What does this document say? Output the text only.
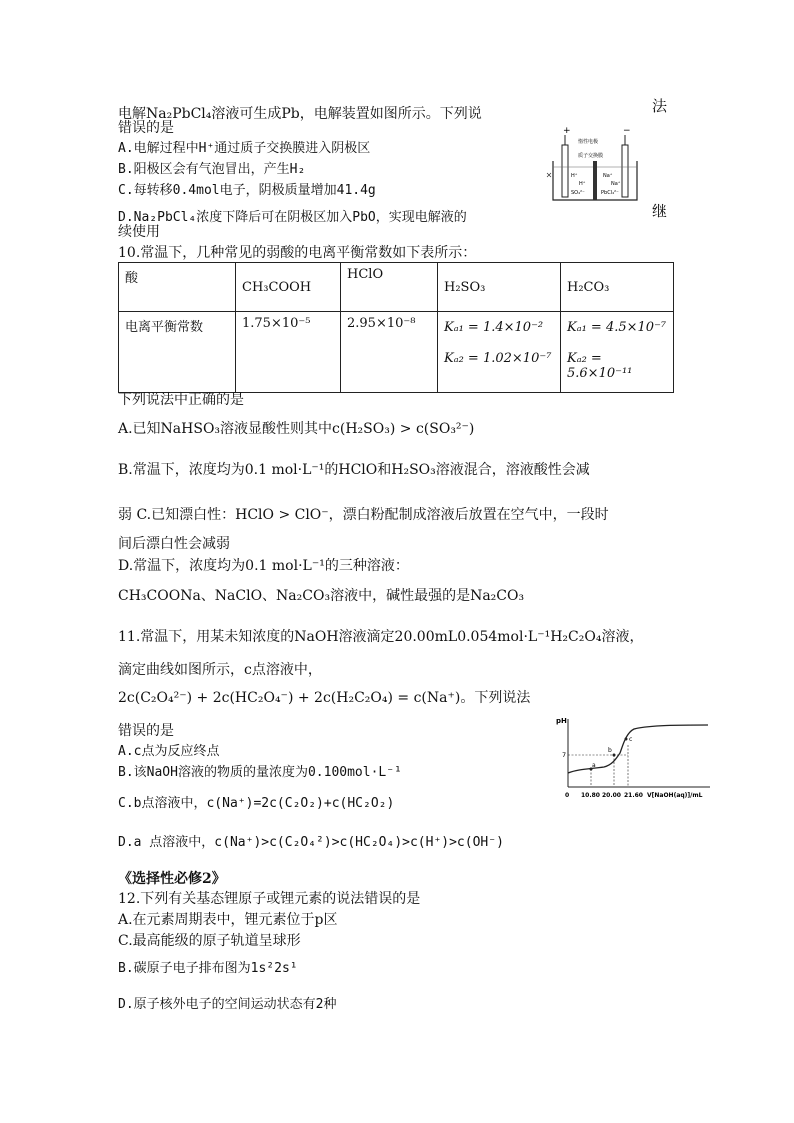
法
继
电解Na₂PbCl₄溶液可生成Pb，电解装置如图所示。下列说
错误的是
A.电解过程中H⁺通过质子交换膜进入阴极区
B.阳极区会有气泡冒出，产生H₂
C.每转移0.4mol电子，阴极质量增加41.4g
D.Na₂PbCl₄浓度下降后可在阴极区加入PbO，实现电解液的
续使用
+	−
惰性电极
质子交换膜
H⁺
H⁺
SO₄²⁻
Na⁺
Na⁺
PbCl₄²⁻
10.常温下，几种常见的弱酸的电离平衡常数如下表所示：
酸	CH₃COOH	HClO	H₂SO₃	H₂CO₃
电离平衡常数	1.75×10⁻⁵	2.95×10⁻⁸	Kₐ₁ = 1.4×10⁻²
Kₐ₂ = 1.02×10⁻⁷	Kₐ₁ = 4.5×10⁻⁷
Kₐ₂ = 5.6×10⁻¹¹
下列说法中正确的是
A.已知NaHSO₃溶液显酸性则其中c(H₂SO₃) > c(SO₃²⁻)
B.常温下，浓度均为0.1 mol·L⁻¹的HClO和H₂SO₃溶液混合，溶液酸性会减
弱 C.已知漂白性：HClO > ClO⁻，漂白粉配制成溶液后放置在空气中，一段时
间后漂白性会减弱
D.常温下，浓度均为0.1 mol·L⁻¹的三种溶液：
CH₃COONa、NaClO、Na₂CO₃溶液中，碱性最强的是Na₂CO₃
11.常温下，用某未知浓度的NaOH溶液滴定20.00mL0.054mol·L⁻¹H₂C₂O₄溶液，
滴定曲线如图所示，c点溶液中，
2c(C₂O₄²⁻) + 2c(HC₂O₄⁻) + 2c(H₂C₂O₄) = c(Na⁺)。下列说法
错误的是
A.c点为反应终点
B.该NaOH溶液的物质的量浓度为0.100mol·L⁻¹
C.b点溶液中，c(Na⁺)=2c(C₂O₂)+c(HC₂O₂)
D.a 点溶液中，c(Na⁺)>c(C₂O₄²)>c(HC₂O₄)>c(H⁺)>c(OH⁻)
pH
7
a
b
c
0 10.80 20.00 21.60 V[NaOH(aq)]/mL
《选择性必修2》
12.下列有关基态锂原子或锂元素的说法错误的是
A.在元素周期表中，锂元素位于p区
C.最高能级的原子轨道呈球形
B.碳原子电子排布图为1s²2s¹
D.原子核外电子的空间运动状态有2种
